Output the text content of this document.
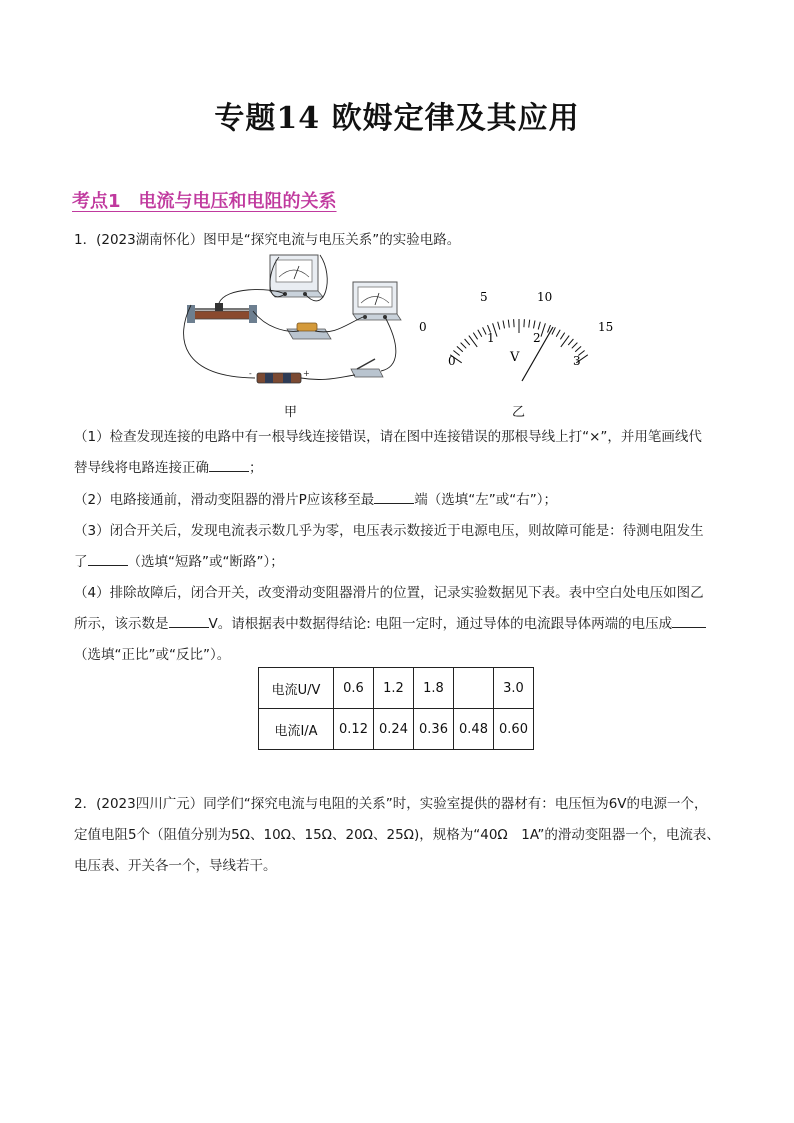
专题14 欧姆定律及其应用
考点1　电流与电压和电阻的关系
1．(2023湖南怀化）图甲是“探究电流与电压关系”的实验电路。
-	+
0
5	10
15
0
1	2
3
V
甲	乙
（1）检查发现连接的电路中有一根导线连接错误，请在图中连接错误的那根导线上打“×”，并用笔画线代
替导线将电路连接正确	；
（2）电路接通前，滑动变阻器的滑片P应该移至最	端（选填“左”或“右”）；
（3）闭合开关后，发现电流表示数几乎为零，电压表示数接近于电源电压，则故障可能是：待测电阻发生
了	（选填“短路”或“断路”）；
（4）排除故障后，闭合开关，改变滑动变阻器滑片的位置，记录实验数据见下表。表中空白处电压如图乙
所示，该示数是	V。请根据表中数据得结论: 电阻一定时，通过导体的电流跟导体两端的电压成
（选填“正比”或“反比”）。
电流U/V	0.6	1.2	1.8		3.0
电流I/A	0.12	0.24	0.36	0.48	0.60
2．(2023四川广元）同学们“探究电流与电阻的关系”时，实验室提供的器材有：电压恒为6V的电源一个，
定值电阻5个（阻值分别为5Ω、10Ω、15Ω、20Ω、25Ω)，规格为“40Ω　1A”的滑动变阻器一个，电流表、
电压表、开关各一个，导线若干。
